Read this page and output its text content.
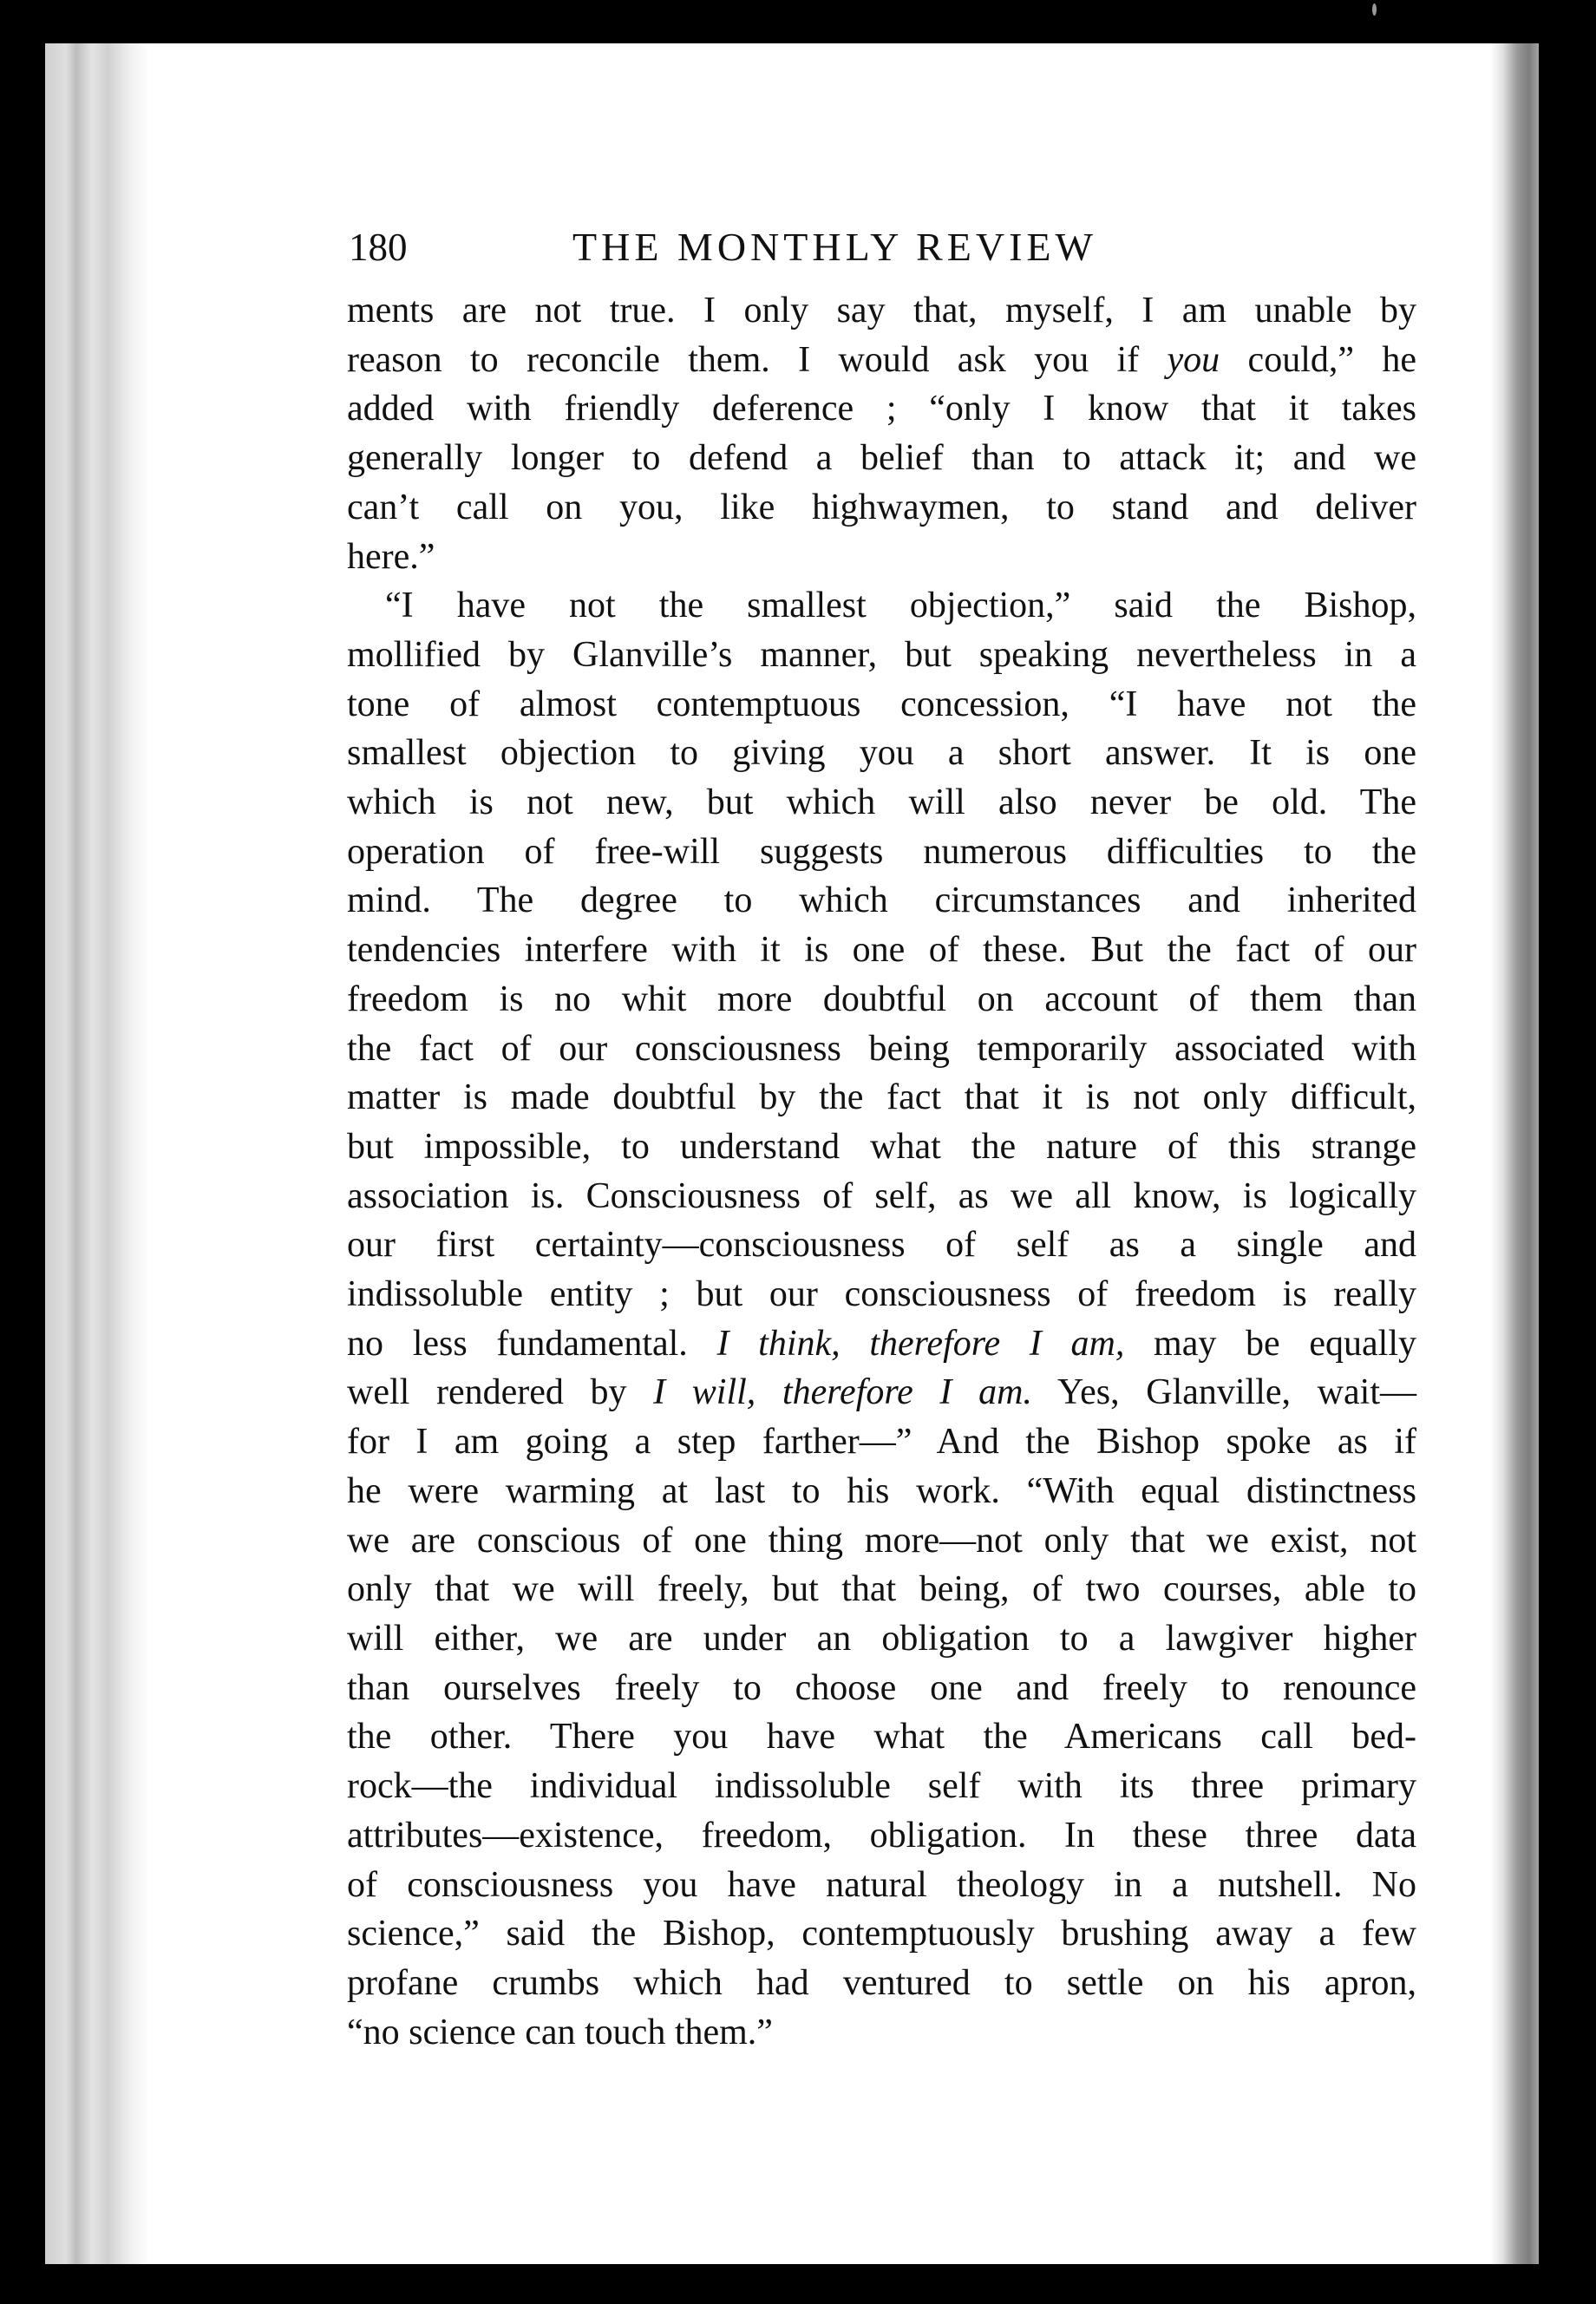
180	THE MONTHLY REVIEW
ments are not true. I only say that, myself, I am unable by
reason to reconcile them. I would ask you if you could,” he
added with friendly deference ; “only I know that it takes
generally longer to defend a belief than to attack it; and we
can’t call on you, like highwaymen, to stand and deliver
here.”
“I have not the smallest objection,” said the Bishop,
mollified by Glanville’s manner, but speaking nevertheless in a
tone of almost contemptuous concession, “I have not the
smallest objection to giving you a short answer. It is one
which is not new, but which will also never be old. The
operation of free-will suggests numerous difficulties to the
mind. The degree to which circumstances and inherited
tendencies interfere with it is one of these. But the fact of our
freedom is no whit more doubtful on account of them than
the fact of our consciousness being temporarily associated with
matter is made doubtful by the fact that it is not only difficult,
but impossible, to understand what the nature of this strange
association is. Consciousness of self, as we all know, is logically
our first certainty—consciousness of self as a single and
indissoluble entity ; but our consciousness of freedom is really
no less fundamental. I think, therefore I am, may be equally
well rendered by I will, therefore I am. Yes, Glanville, wait—
for I am going a step farther—” And the Bishop spoke as if
he were warming at last to his work. “With equal distinctness
we are conscious of one thing more—not only that we exist, not
only that we will freely, but that being, of two courses, able to
will either, we are under an obligation to a lawgiver higher
than ourselves freely to choose one and freely to renounce
the other. There you have what the Americans call bed-
rock—the individual indissoluble self with its three primary
attributes—existence, freedom, obligation. In these three data
of consciousness you have natural theology in a nutshell. No
science,” said the Bishop, contemptuously brushing away a few
profane crumbs which had ventured to settle on his apron,
“no science can touch them.”
